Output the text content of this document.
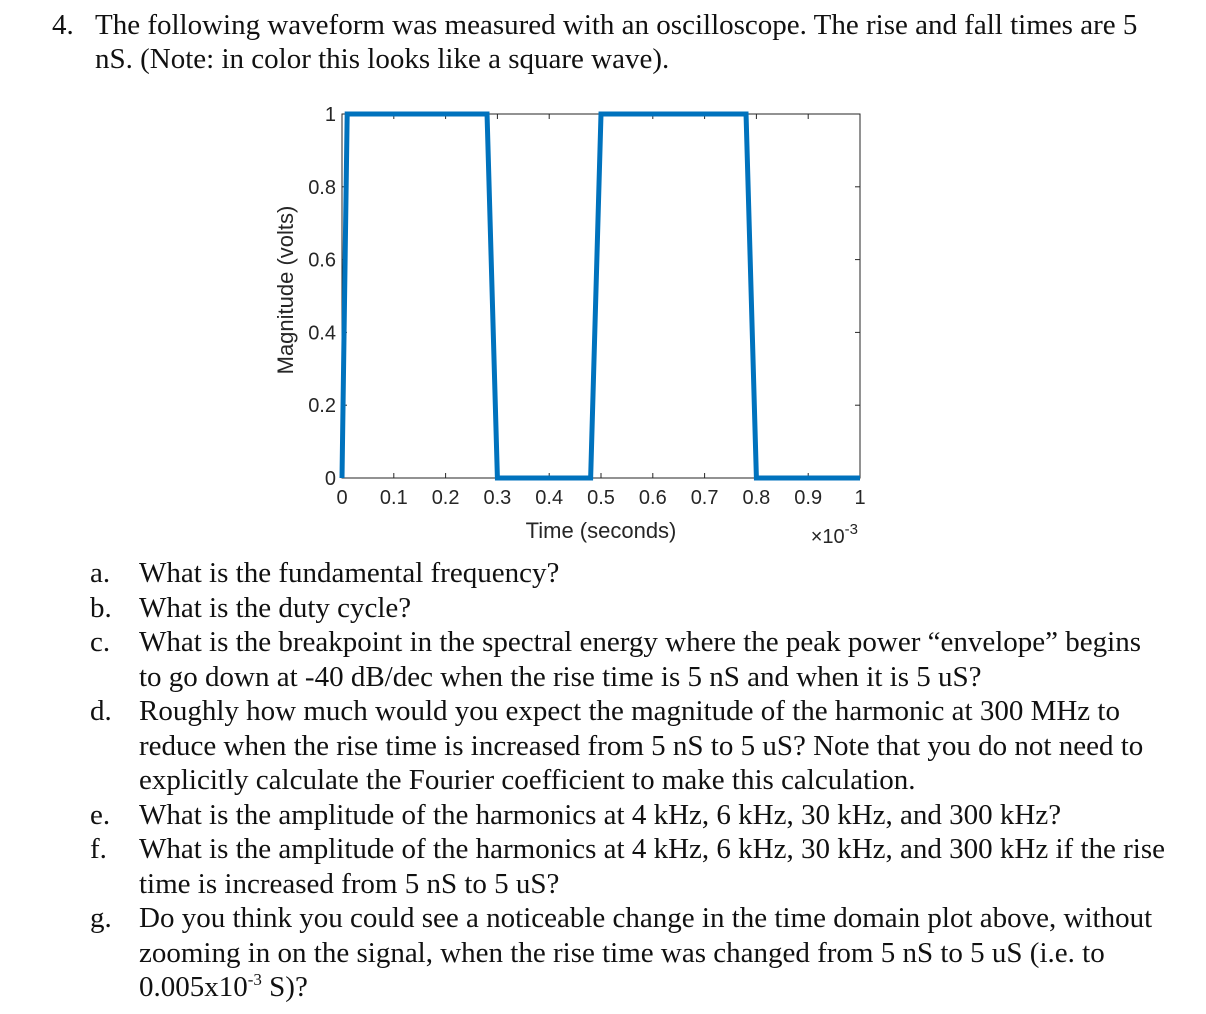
4. The following waveform was measured with an oscilloscope. The rise and fall times are 5 nS. (Note: in color this looks like a square wave).
0 0.1 0.2 0.3 0.4 0.5 0.6 0.7 0.8 0.9 1
0
0.2
0.4
0.6
0.8
1
Time (seconds)
Magnitude (volts)
$\times 10^{-3}$
a. What is the fundamental frequency?
b. What is the duty cycle?
c. What is the breakpoint in the spectral energy where the peak power “envelope” begins to go down at -40 dB/dec when the rise time is 5 nS and when it is 5 uS?
d. Roughly how much would you expect the magnitude of the harmonic at 300 MHz to reduce when the rise time is increased from 5 nS to 5 uS? Note that you do not need to explicitly calculate the Fourier coefficient to make this calculation.
e. What is the amplitude of the harmonics at 4 kHz, 6 kHz, 30 kHz, and 300 kHz?
f. What is the amplitude of the harmonics at 4 kHz, 6 kHz, 30 kHz, and 300 kHz if the rise time is increased from 5 nS to 5 uS?
g. Do you think you could see a noticeable change in the time domain plot above, without zooming in on the signal, when the rise time was changed from 5 nS to 5 uS (i.e. to $0.005x10^{-3}$ S)?
